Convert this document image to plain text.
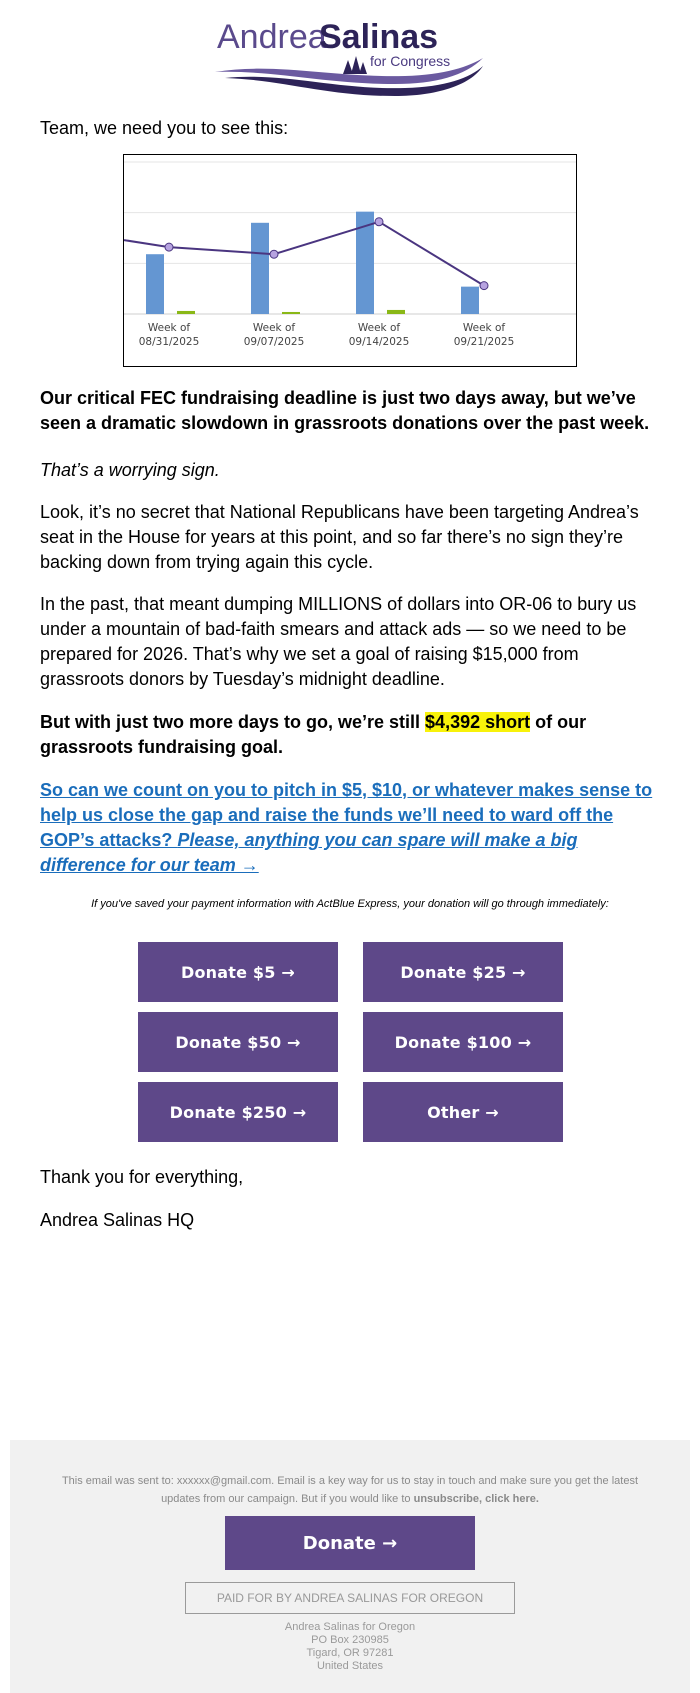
Andrea
Salinas
for Congress

Team, we need you to see this:

Week of
08/31/2025
Week of
09/07/2025
Week of
09/14/2025
Week of
09/21/2025

Our critical FEC fundraising deadline is just two days away, but we’ve seen a dramatic slowdown in grassroots donations over the past week.

That’s a worrying sign.

Look, it’s no secret that National Republicans have been targeting Andrea’s seat in the House for years at this point, and so far there’s no sign they’re backing down from trying again this cycle.

In the past, that meant dumping MILLIONS of dollars into OR-06 to bury us under a mountain of bad-faith smears and attack ads — so we need to be prepared for 2026. That’s why we set a goal of raising $15,000 from grassroots donors by Tuesday’s midnight deadline.

But with just two more days to go, we’re still $4,392 short of our grassroots fundraising goal.

So can we count on you to pitch in $5, $10, or whatever makes sense to help us close the gap and raise the funds we’ll need to ward off the GOP’s attacks? Please, anything you can spare will make a big difference for our team →

If you've saved your payment information with ActBlue Express, your donation will go through immediately:
Donate $5 →	Donate $25 →
Donate $50 →	Donate $100 →
Donate $250 →	Other →

Thank you for everything,

Andrea Salinas HQ

This email was sent to: xxxxxx@gmail.com. Email is a key way for us to stay in touch and make sure you get the latest updates from our campaign. But if you would like to unsubscribe, click here.
Donate →
PAID FOR BY ANDREA SALINAS FOR OREGON
Andrea Salinas for Oregon
PO Box 230985
Tigard, OR 97281
United States
